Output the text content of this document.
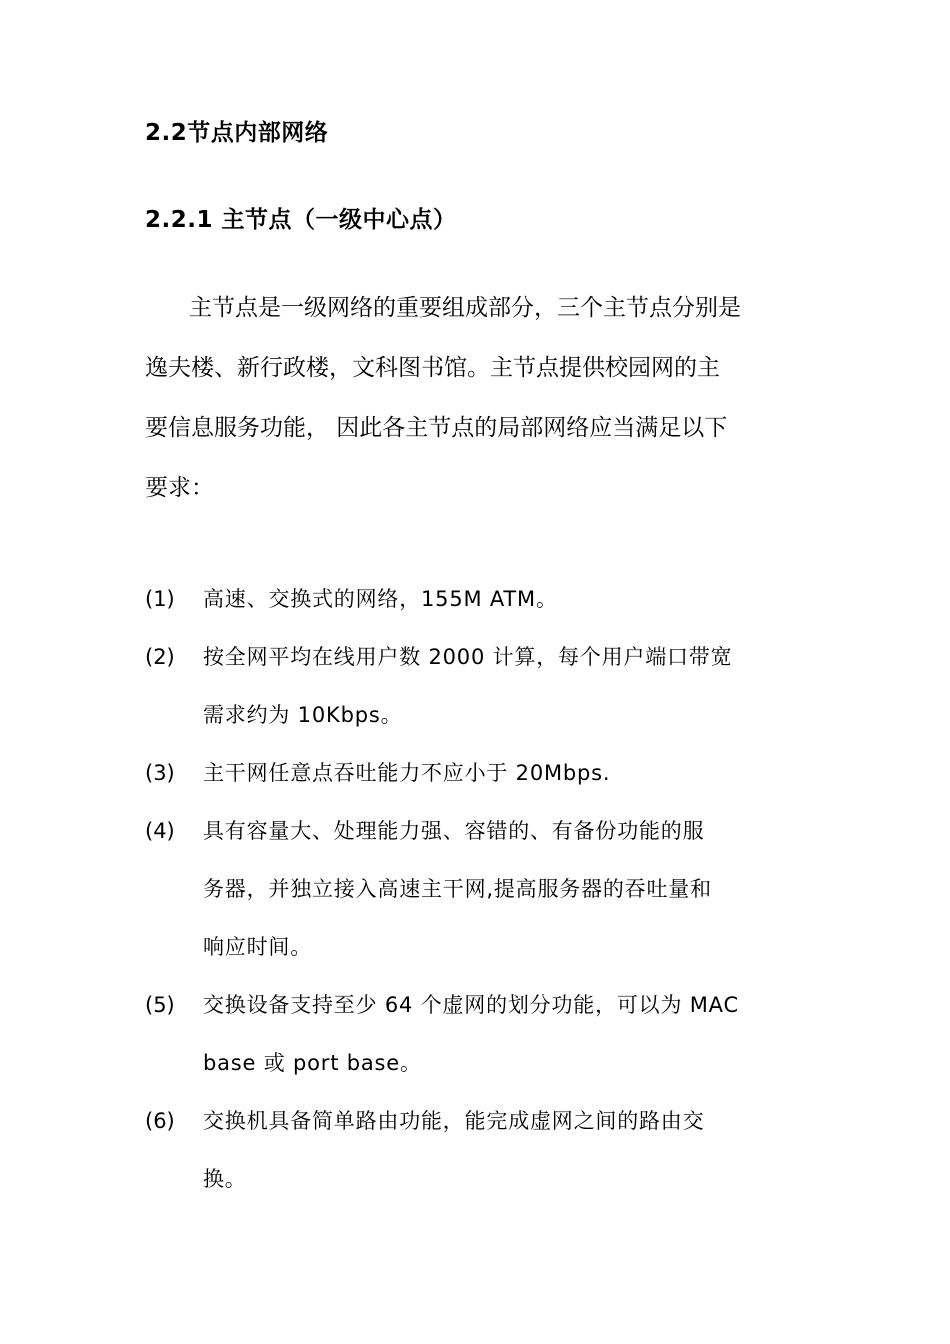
2.2节点内部网络
2.2.1 主节点（一级中心点）
主节点是一级网络的重要组成部分，三个主节点分别是
逸夫楼、新行政楼，文科图书馆。主节点提供校园网的主
要信息服务功能， 因此各主节点的局部网络应当满足以下
要求：
(1) 高速、交换式的网络，155M ATM。
(2) 按全网平均在线用户数 2000 计算，每个用户端口带宽
需求约为 10Kbps。
(3) 主干网任意点吞吐能力不应小于 20Mbps.
(4) 具有容量大、处理能力强、容错的、有备份功能的服
务器，并独立接入高速主干网,提高服务器的吞吐量和
响应时间。
(5) 交换设备支持至少 64 个虚网的划分功能，可以为 MAC
base 或 port base。
(6) 交换机具备简单路由功能，能完成虚网之间的路由交
换。
